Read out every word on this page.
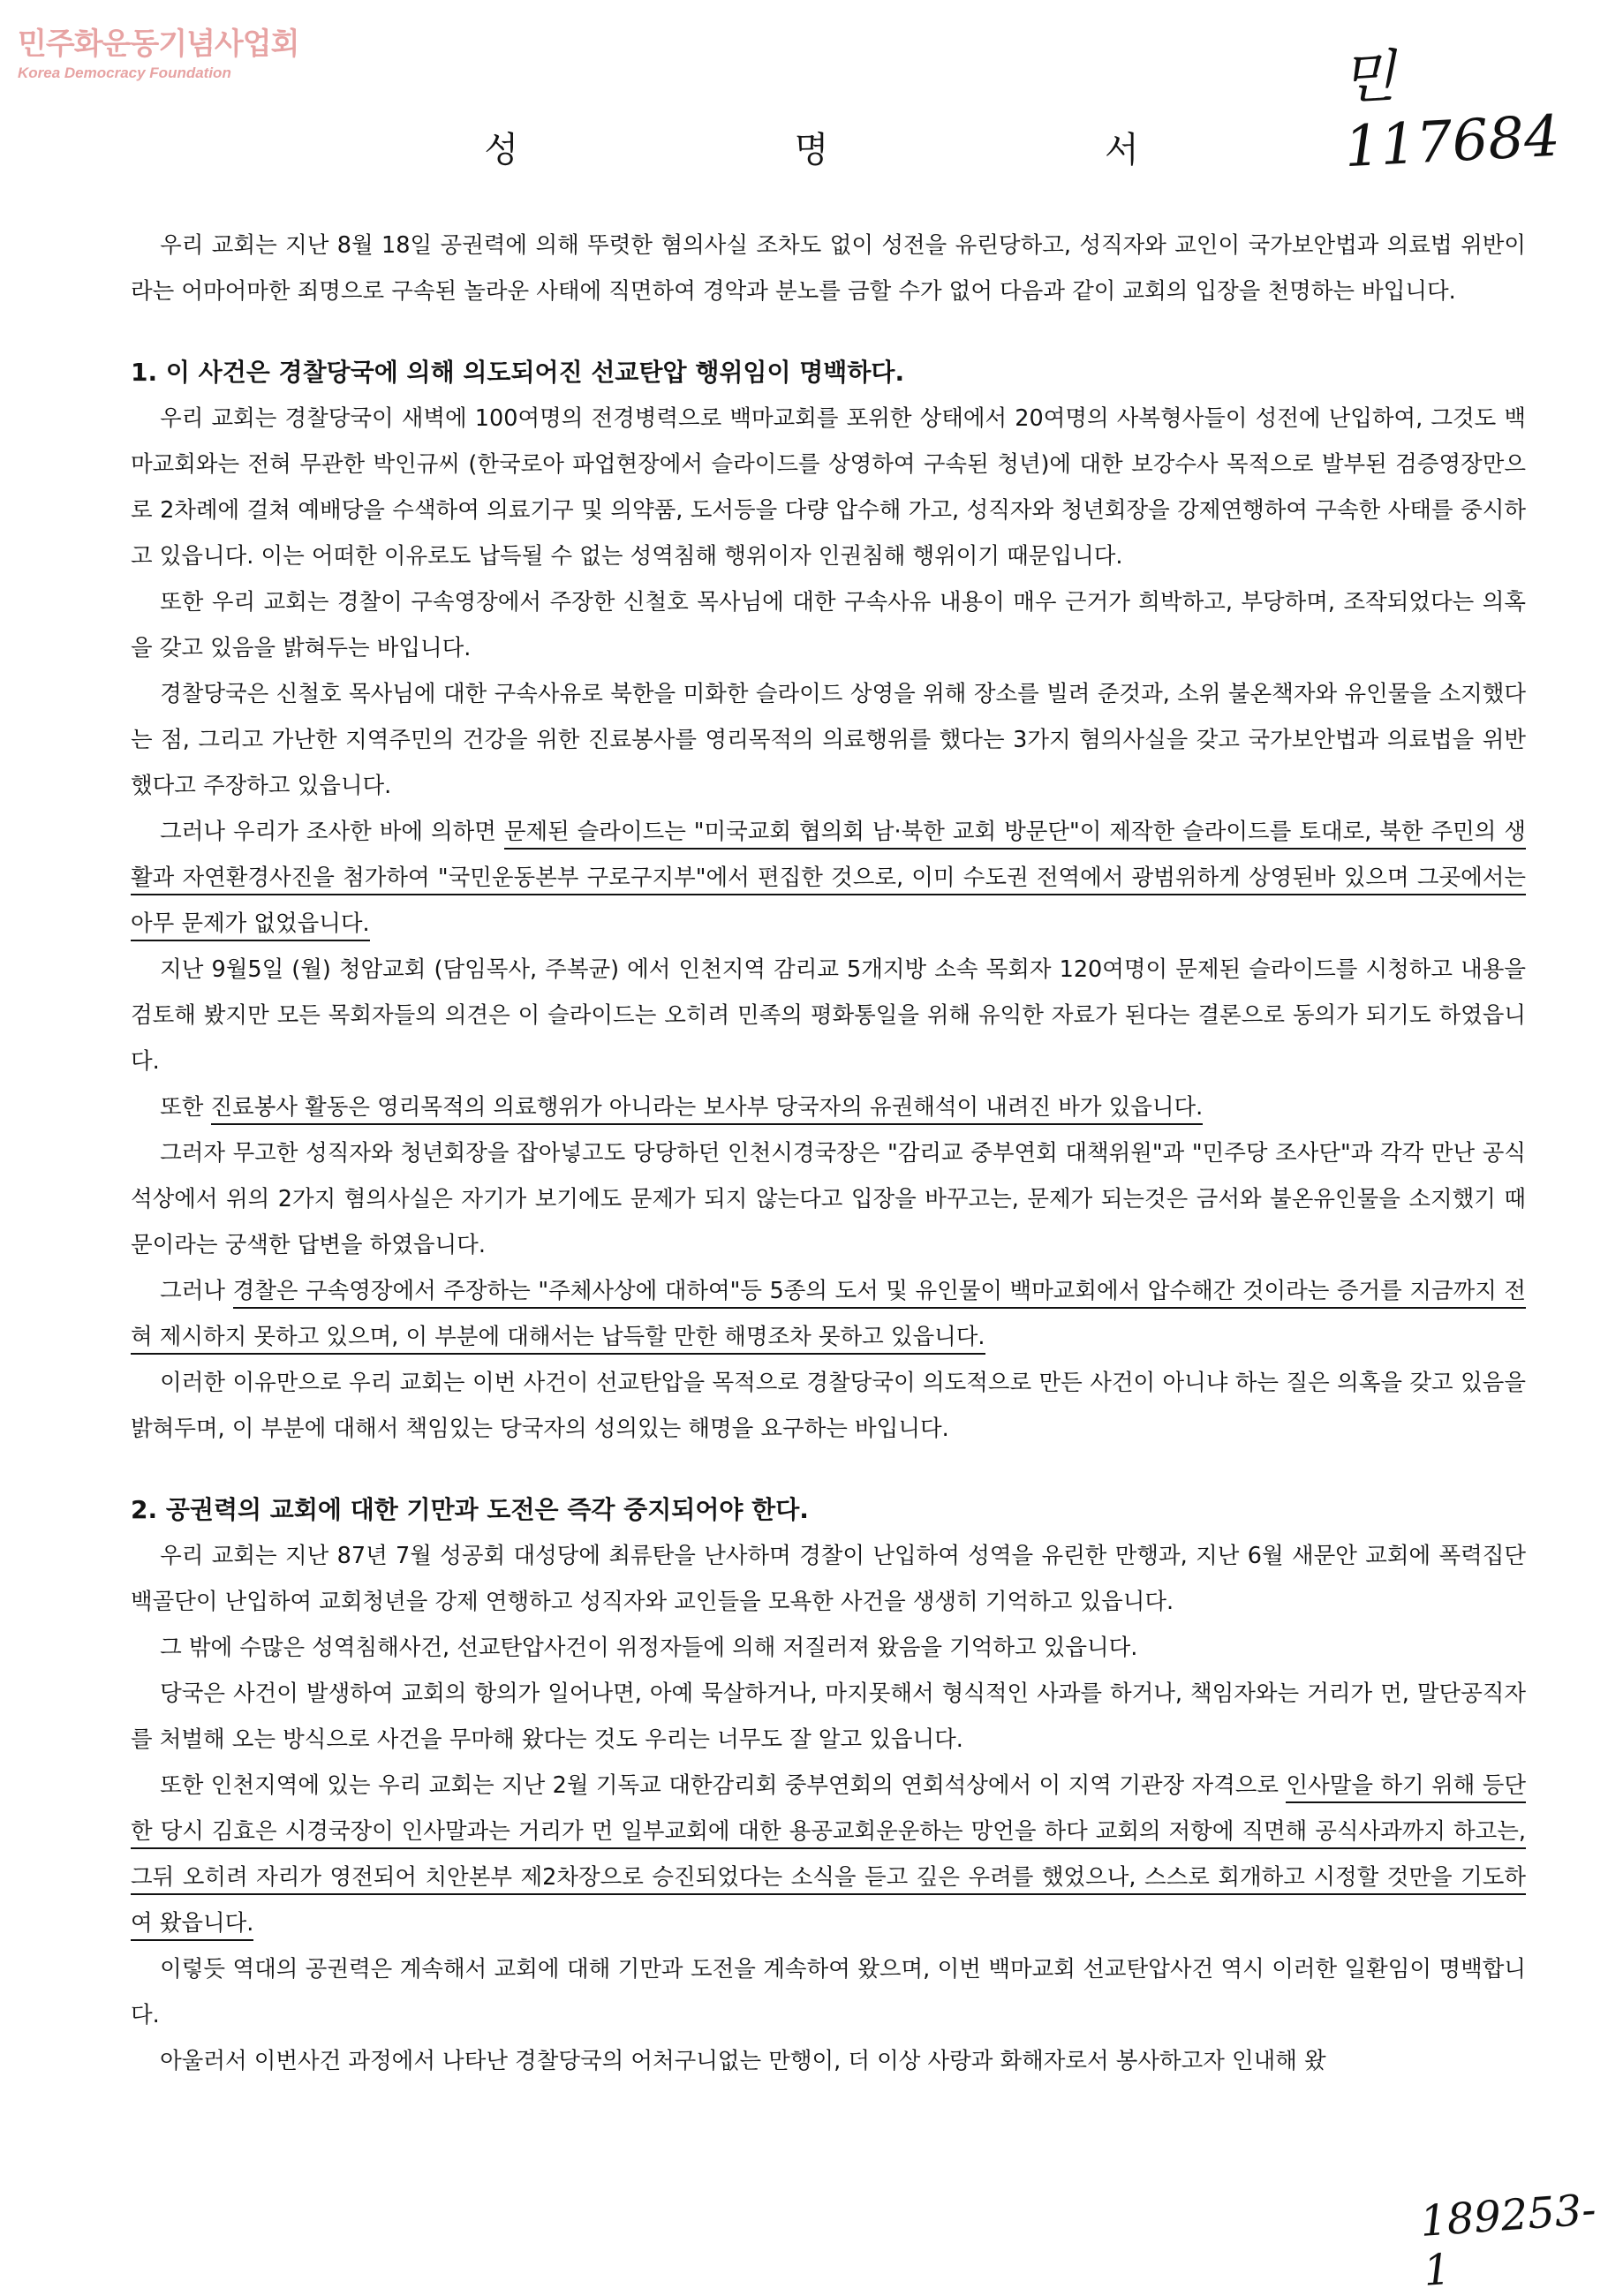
민주화운동기념사업회
Korea Democracy Foundation	민 117684
성 명 서

우리 교회는 지난 8월 18일 공권력에 의해 뚜렷한 혐의사실 조차도 없이 성전을 유린당하고, 성직자와 교인이 국가보안법과 의료법 위반이라는 어마어마한 죄명으로 구속된 놀라운 사태에 직면하여 경악과 분노를 금할 수가 없어 다음과 같이 교회의 입장을 천명하는 바입니다.

1. 이 사건은 경찰당국에 의해 의도되어진 선교탄압 행위임이 명백하다.

우리 교회는 경찰당국이 새벽에 100여명의 전경병력으로 백마교회를 포위한 상태에서 20여명의 사복형사들이 성전에 난입하여, 그것도 백마교회와는 전혀 무관한 박인규씨 (한국로아 파업현장에서 슬라이드를 상영하여 구속된 청년)에 대한 보강수사 목적으로 발부된 검증영장만으로 2차례에 걸쳐 예배당을 수색하여 의료기구 및 의약품, 도서등을 다량 압수해 가고, 성직자와 청년회장을 강제연행하여 구속한 사태를 중시하고 있읍니다. 이는 어떠한 이유로도 납득될 수 없는 성역침해 행위이자 인권침해 행위이기 때문입니다.

또한 우리 교회는 경찰이 구속영장에서 주장한 신철호 목사님에 대한 구속사유 내용이 매우 근거가 희박하고, 부당하며, 조작되었다는 의혹을 갖고 있음을 밝혀두는 바입니다.

경찰당국은 신철호 목사님에 대한 구속사유로 북한을 미화한 슬라이드 상영을 위해 장소를 빌려 준것과, 소위 불온책자와 유인물을 소지했다는 점, 그리고 가난한 지역주민의 건강을 위한 진료봉사를 영리목적의 의료행위를 했다는 3가지 혐의사실을 갖고 국가보안법과 의료법을 위반했다고 주장하고 있읍니다.

그러나 우리가 조사한 바에 의하면 문제된 슬라이드는 "미국교회 협의회 남·북한 교회 방문단"이 제작한 슬라이드를 토대로, 북한 주민의 생활과 자연환경사진을 첨가하여 "국민운동본부 구로구지부"에서 편집한 것으로, 이미 수도권 전역에서 광범위하게 상영된바 있으며 그곳에서는 아무 문제가 없었읍니다.

지난 9월5일 (월) 청암교회 (담임목사, 주복균) 에서 인천지역 감리교 5개지방 소속 목회자 120여명이 문제된 슬라이드를 시청하고 내용을 검토해 봤지만 모든 목회자들의 의견은 이 슬라이드는 오히려 민족의 평화통일을 위해 유익한 자료가 된다는 결론으로 동의가 되기도 하였읍니다.

또한 진료봉사 활동은 영리목적의 의료행위가 아니라는 보사부 당국자의 유권해석이 내려진 바가 있읍니다.

그러자 무고한 성직자와 청년회장을 잡아넣고도 당당하던 인천시경국장은 "감리교 중부연회 대책위원"과 "민주당 조사단"과 각각 만난 공식석상에서 위의 2가지 혐의사실은 자기가 보기에도 문제가 되지 않는다고 입장을 바꾸고는, 문제가 되는것은 금서와 불온유인물을 소지했기 때문이라는 궁색한 답변을 하였읍니다.

그러나 경찰은 구속영장에서 주장하는 "주체사상에 대하여"등 5종의 도서 및 유인물이 백마교회에서 압수해간 것이라는 증거를 지금까지 전혀 제시하지 못하고 있으며, 이 부분에 대해서는 납득할 만한 해명조차 못하고 있읍니다.

이러한 이유만으로 우리 교회는 이번 사건이 선교탄압을 목적으로 경찰당국이 의도적으로 만든 사건이 아니냐 하는 질은 의혹을 갖고 있음을 밝혀두며, 이 부분에 대해서 책임있는 당국자의 성의있는 해명을 요구하는 바입니다.

2. 공권력의 교회에 대한 기만과 도전은 즉각 중지되어야 한다.

우리 교회는 지난 87년 7월 성공회 대성당에 최류탄을 난사하며 경찰이 난입하여 성역을 유린한 만행과, 지난 6월 새문안 교회에 폭력집단 백골단이 난입하여 교회청년을 강제 연행하고 성직자와 교인들을 모욕한 사건을 생생히 기억하고 있읍니다.

그 밖에 수많은 성역침해사건, 선교탄압사건이 위정자들에 의해 저질러져 왔음을 기억하고 있읍니다.

당국은 사건이 발생하여 교회의 항의가 일어나면, 아예 묵살하거나, 마지못해서 형식적인 사과를 하거나, 책임자와는 거리가 먼, 말단공직자를 처벌해 오는 방식으로 사건을 무마해 왔다는 것도 우리는 너무도 잘 알고 있읍니다.

또한 인천지역에 있는 우리 교회는 지난 2월 기독교 대한감리회 중부연회의 연회석상에서 이 지역 기관장 자격으로 인사말을 하기 위해 등단한 당시 김효은 시경국장이 인사말과는 거리가 먼 일부교회에 대한 용공교회운운하는 망언을 하다 교회의 저항에 직면해 공식사과까지 하고는, 그뒤 오히려 자리가 영전되어 치안본부 제2차장으로 승진되었다는 소식을 듣고 깊은 우려를 했었으나, 스스로 회개하고 시정할 것만을 기도하여 왔읍니다.

이렇듯 역대의 공권력은 계속해서 교회에 대해 기만과 도전을 계속하여 왔으며, 이번 백마교회 선교탄압사건 역시 이러한 일환임이 명백합니다.

아울러서 이번사건 과정에서 나타난 경찰당국의 어처구니없는 만행이, 더 이상 사랑과 화해자로서 봉사하고자 인내해 왔

189253-1
